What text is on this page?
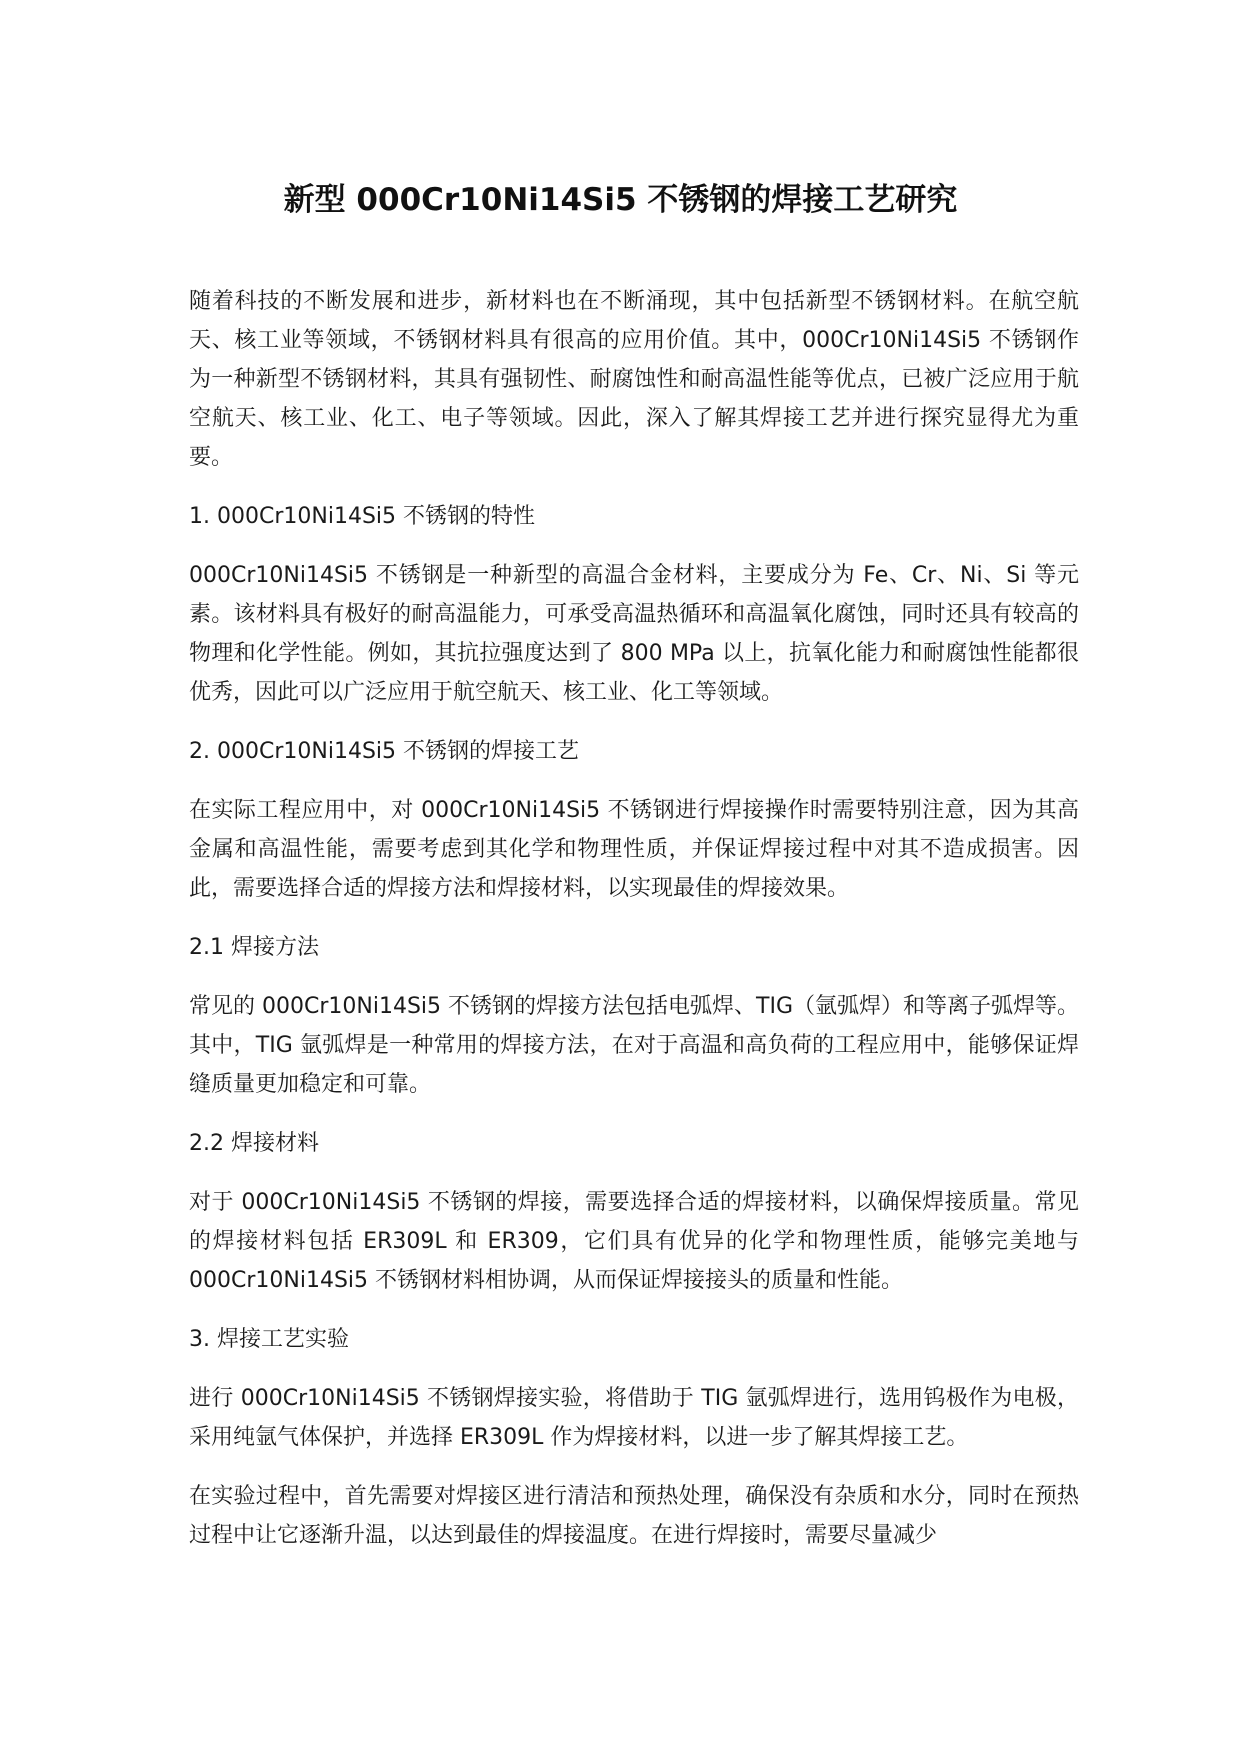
新型 000Cr10Ni14Si5 不锈钢的焊接工艺研究

随着科技的不断发展和进步，新材料也在不断涌现，其中包括新型不锈钢材料。在航空航天、核工业等领域，不锈钢材料具有很高的应用价值。其中，000Cr10Ni14Si5 不锈钢作为一种新型不锈钢材料，其具有强韧性、耐腐蚀性和耐高温性能等优点，已被广泛应用于航空航天、核工业、化工、电子等领域。因此，深入了解其焊接工艺并进行探究显得尤为重要。

1. 000Cr10Ni14Si5 不锈钢的特性

000Cr10Ni14Si5 不锈钢是一种新型的高温合金材料，主要成分为 Fe、Cr、Ni、Si 等元素。该材料具有极好的耐高温能力，可承受高温热循环和高温氧化腐蚀，同时还具有较高的物理和化学性能。例如，其抗拉强度达到了 800 MPa 以上，抗氧化能力和耐腐蚀性能都很优秀，因此可以广泛应用于航空航天、核工业、化工等领域。

2. 000Cr10Ni14Si5 不锈钢的焊接工艺

在实际工程应用中，对 000Cr10Ni14Si5 不锈钢进行焊接操作时需要特别注意，因为其高金属和高温性能，需要考虑到其化学和物理性质，并保证焊接过程中对其不造成损害。因此，需要选择合适的焊接方法和焊接材料，以实现最佳的焊接效果。

2.1 焊接方法

常见的 000Cr10Ni14Si5 不锈钢的焊接方法包括电弧焊、TIG（氩弧焊）和等离子弧焊等。其中，TIG 氩弧焊是一种常用的焊接方法，在对于高温和高负荷的工程应用中，能够保证焊缝质量更加稳定和可靠。

2.2 焊接材料

对于 000Cr10Ni14Si5 不锈钢的焊接，需要选择合适的焊接材料，以确保焊接质量。常见的焊接材料包括 ER309L 和 ER309，它们具有优异的化学和物理性质，能够完美地与 000Cr10Ni14Si5 不锈钢材料相协调，从而保证焊接接头的质量和性能。

3. 焊接工艺实验

进行 000Cr10Ni14Si5 不锈钢焊接实验，将借助于 TIG 氩弧焊进行，选用钨极作为电极，采用纯氩气体保护，并选择 ER309L 作为焊接材料，以进一步了解其焊接工艺。

在实验过程中，首先需要对焊接区进行清洁和预热处理，确保没有杂质和水分，同时在预热过程中让它逐渐升温，以达到最佳的焊接温度。在进行焊接时，需要尽量减少
